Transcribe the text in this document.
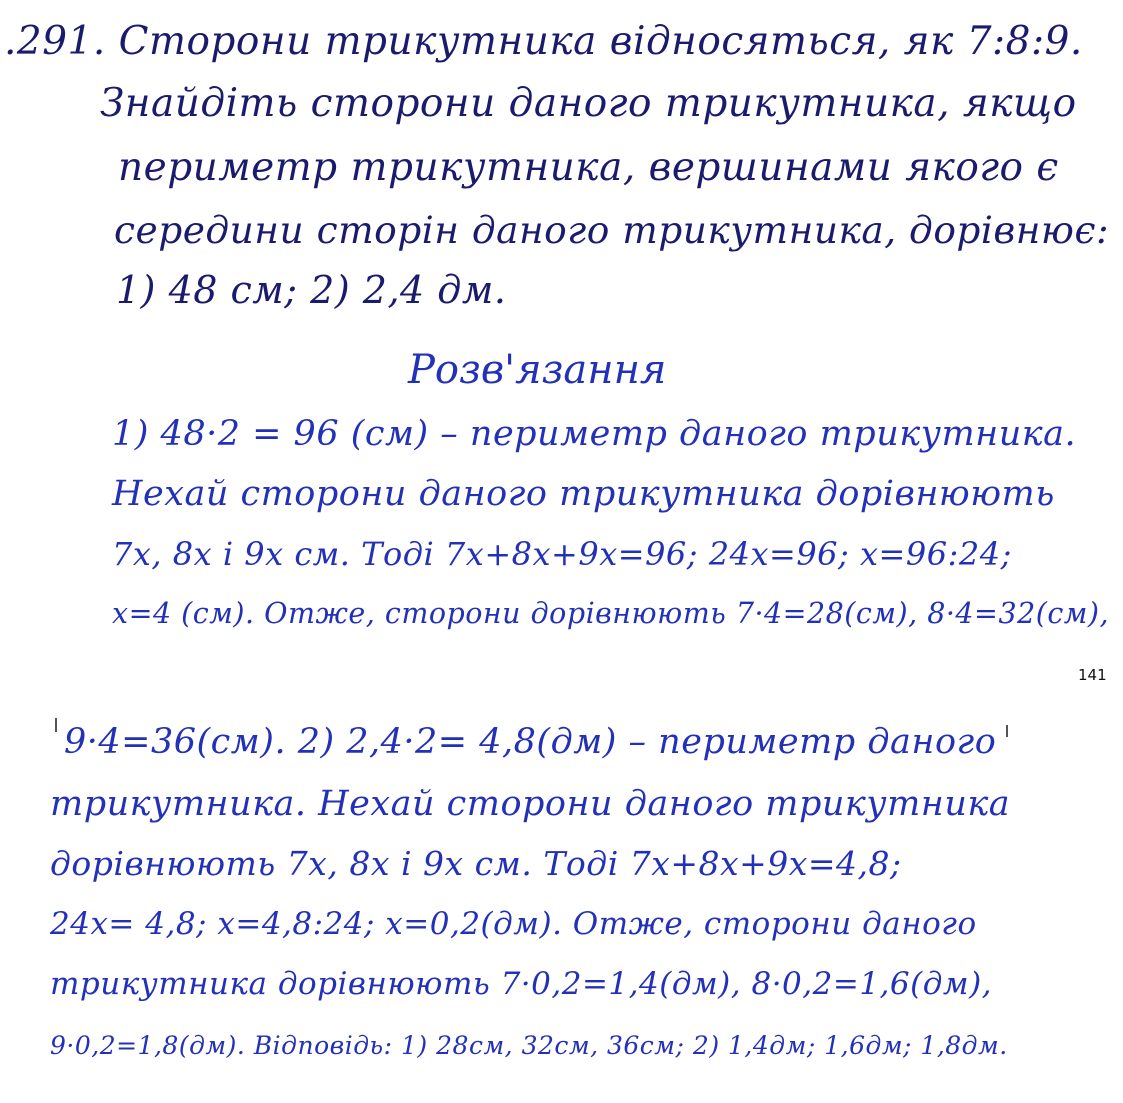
.291. Сторони трикутника відносяться, як 7:8:9.
Знайдіть сторони даного трикутника, якщо
периметр трикутника, вершинами якого є
середини сторін даного трикутника, дорівнює:
1) 48 см; 2) 2,4 дм.
Розв'язання
1) 48·2 = 96 (см) – периметр даного трикутника.
Нехай сторони даного трикутника дорівнюють
7x, 8x і 9x см. Тоді 7x+8x+9x=96; 24x=96; x=96:24;
x=4 (см). Отже, сторони дорівнюють 7·4=28(см), 8·4=32(см),
141
9·4=36(см). 2) 2,4·2= 4,8(дм) – периметр даного
трикутника. Нехай сторони даного трикутника
дорівнюють 7x, 8x і 9x см. Тоді 7x+8x+9x=4,8;
24x= 4,8; x=4,8:24; x=0,2(дм). Отже, сторони даного
трикутника дорівнюють 7·0,2=1,4(дм), 8·0,2=1,6(дм),
9·0,2=1,8(дм). Відповідь: 1) 28см, 32см, 36см; 2) 1,4дм; 1,6дм; 1,8дм.
